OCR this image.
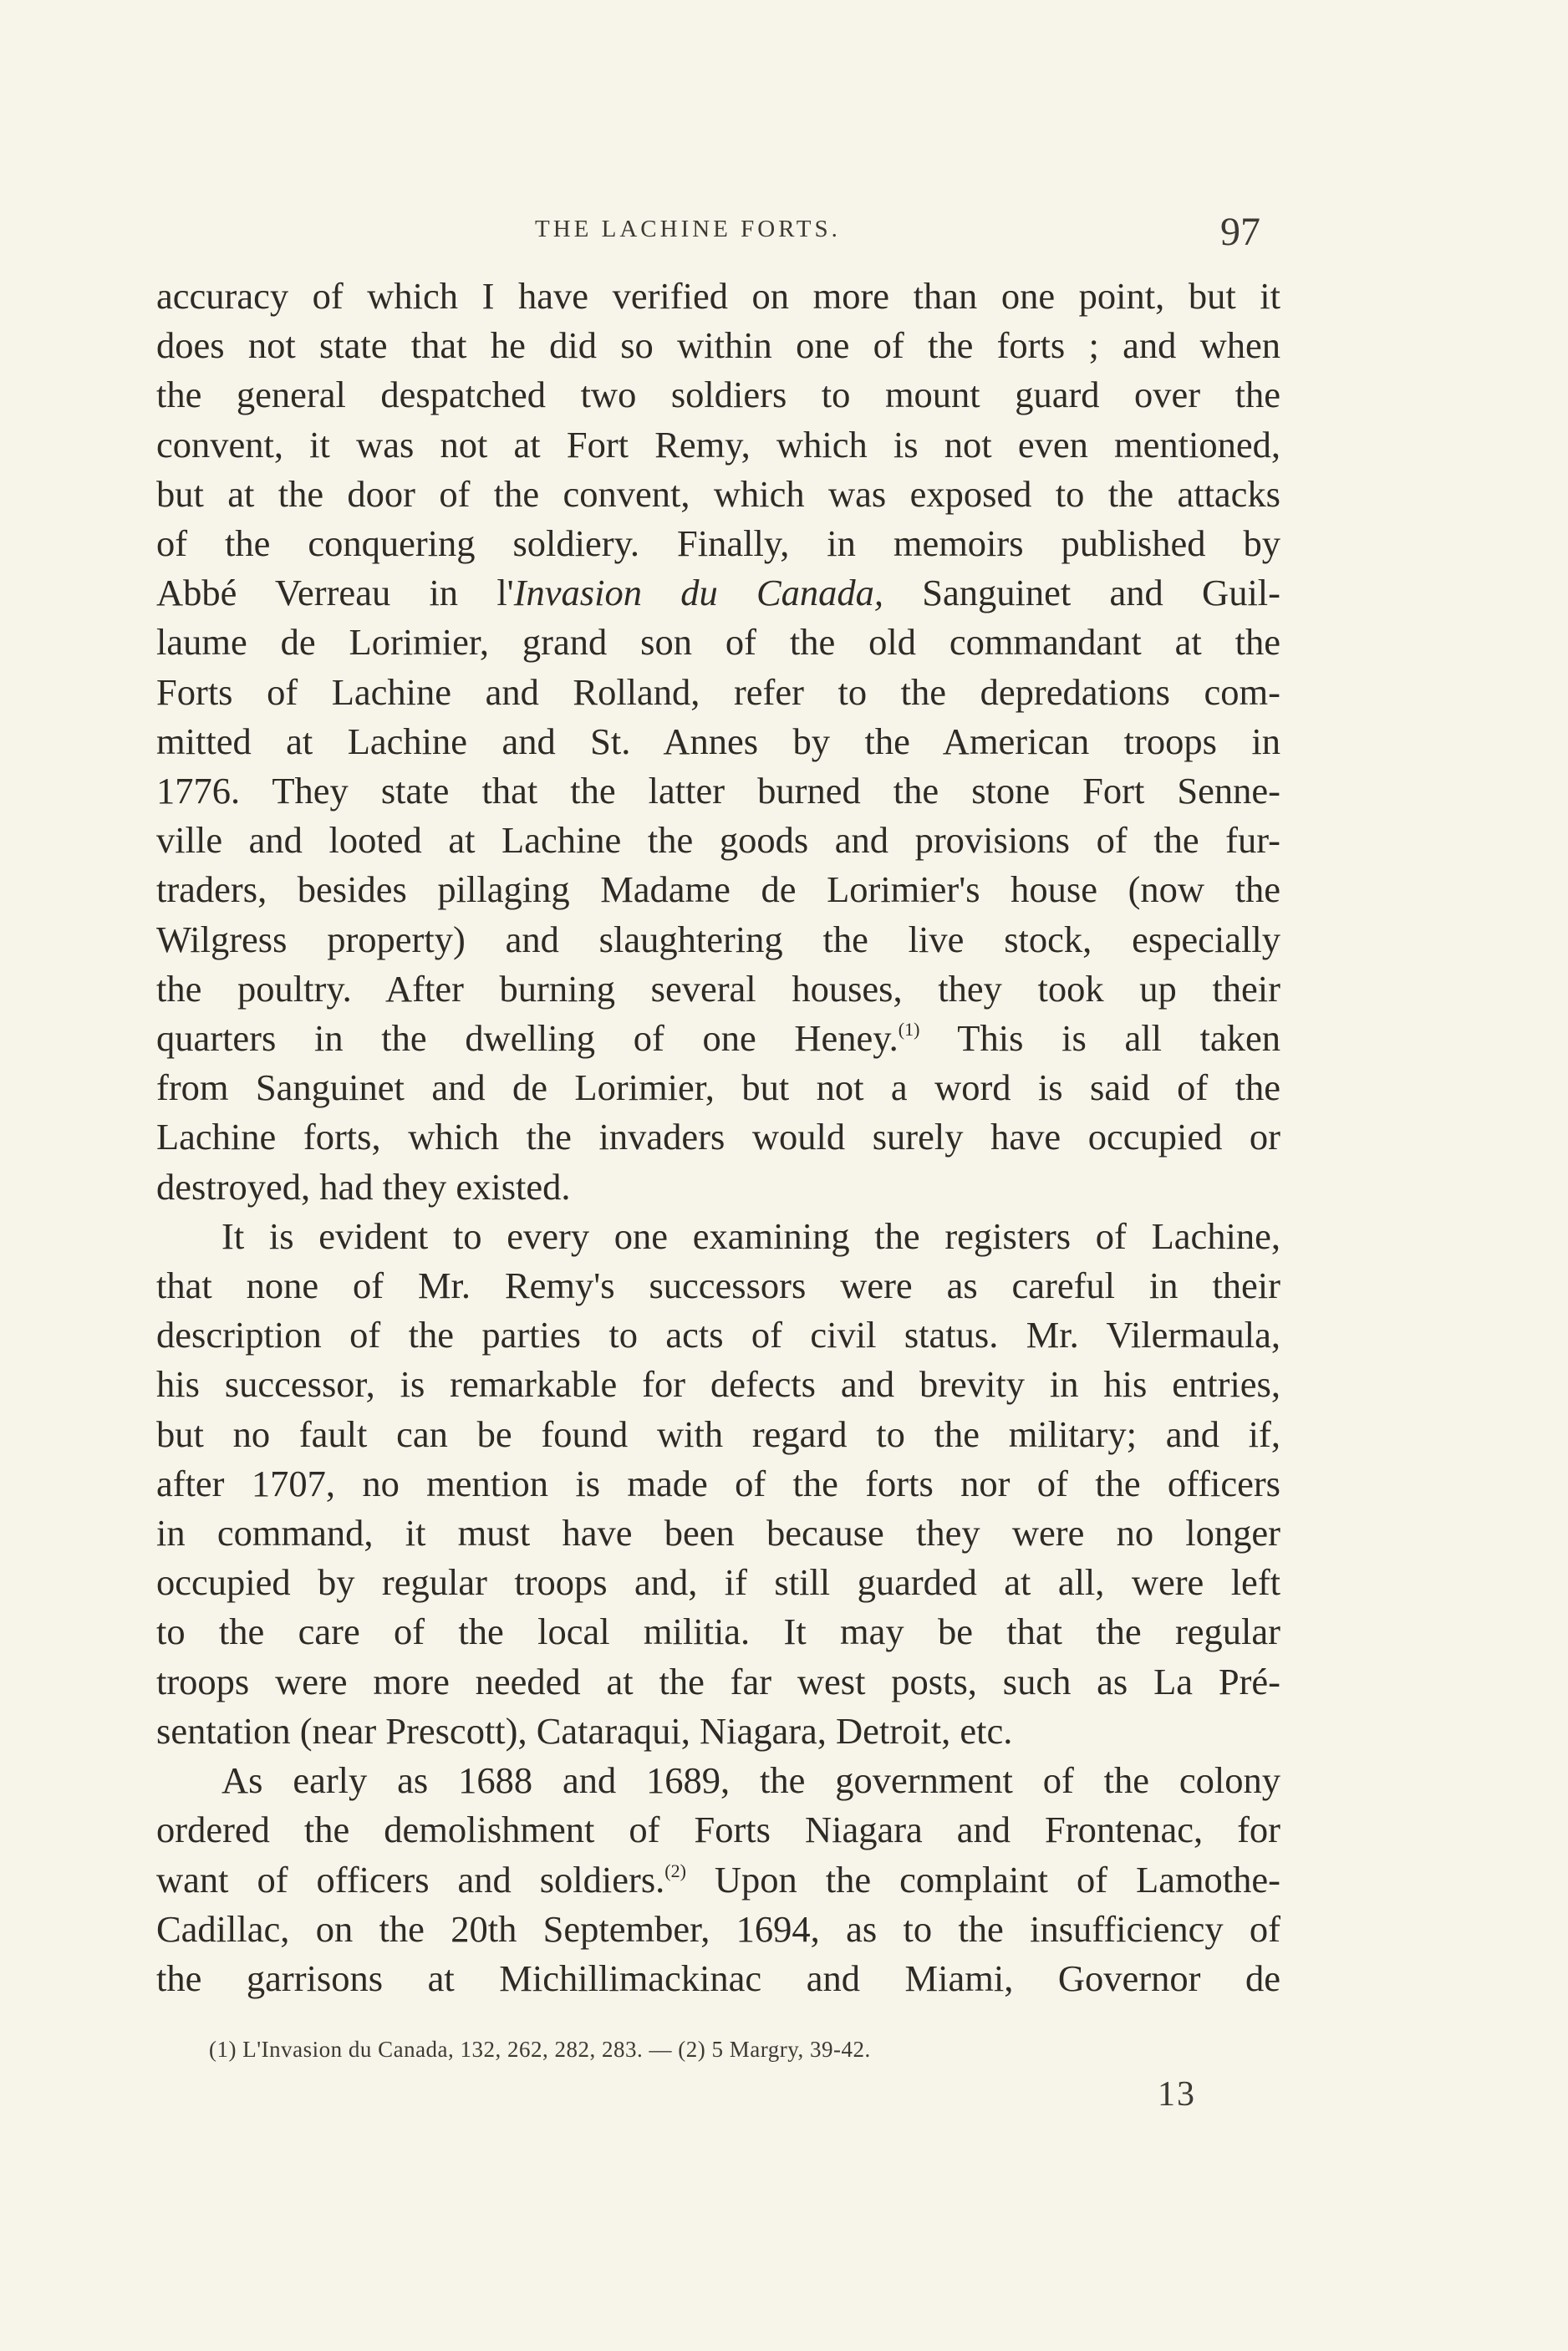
THE LACHINE FORTS.	97

accuracy of which I have verified on more than one point, but it
does not state that he did so within one of the forts ; and when
the general despatched two soldiers to mount guard over the
convent, it was not at Fort Remy, which is not even mentioned,
but at the door of the convent, which was exposed to the attacks
of the conquering soldiery. Finally, in memoirs published by
Abbé Verreau in l'Invasion du Canada, Sanguinet and Guil-
laume de Lorimier, grand son of the old commandant at the
Forts of Lachine and Rolland, refer to the depredations com-
mitted at Lachine and St. Annes by the American troops in
1776. They state that the latter burned the stone Fort Senne-
ville and looted at Lachine the goods and provisions of the fur-
traders, besides pillaging Madame de Lorimier's house (now the
Wilgress property) and slaughtering the live stock, especially
the poultry. After burning several houses, they took up their
quarters in the dwelling of one Heney.$^{(1)}$ This is all taken
from Sanguinet and de Lorimier, but not a word is said of the
Lachine forts, which the invaders would surely have occupied or
destroyed, had they existed.

It is evident to every one examining the registers of Lachine,
that none of Mr. Remy's successors were as careful in their
description of the parties to acts of civil status. Mr. Vilermaula,
his successor, is remarkable for defects and brevity in his entries,
but no fault can be found with regard to the military; and if,
after 1707, no mention is made of the forts nor of the officers
in command, it must have been because they were no longer
occupied by regular troops and, if still guarded at all, were left
to the care of the local militia. It may be that the regular
troops were more needed at the far west posts, such as La Pré-
sentation (near Prescott), Cataraqui, Niagara, Detroit, etc.

As early as 1688 and 1689, the government of the colony
ordered the demolishment of Forts Niagara and Frontenac, for
want of officers and soldiers.$^{(2)}$ Upon the complaint of Lamothe-
Cadillac, on the 20th September, 1694, as to the insufficiency of
the garrisons at Michillimackinac and Miami, Governor de

(1) L'Invasion du Canada, 132, 262, 282, 283. — (2) 5 Margry, 39-42.
13
